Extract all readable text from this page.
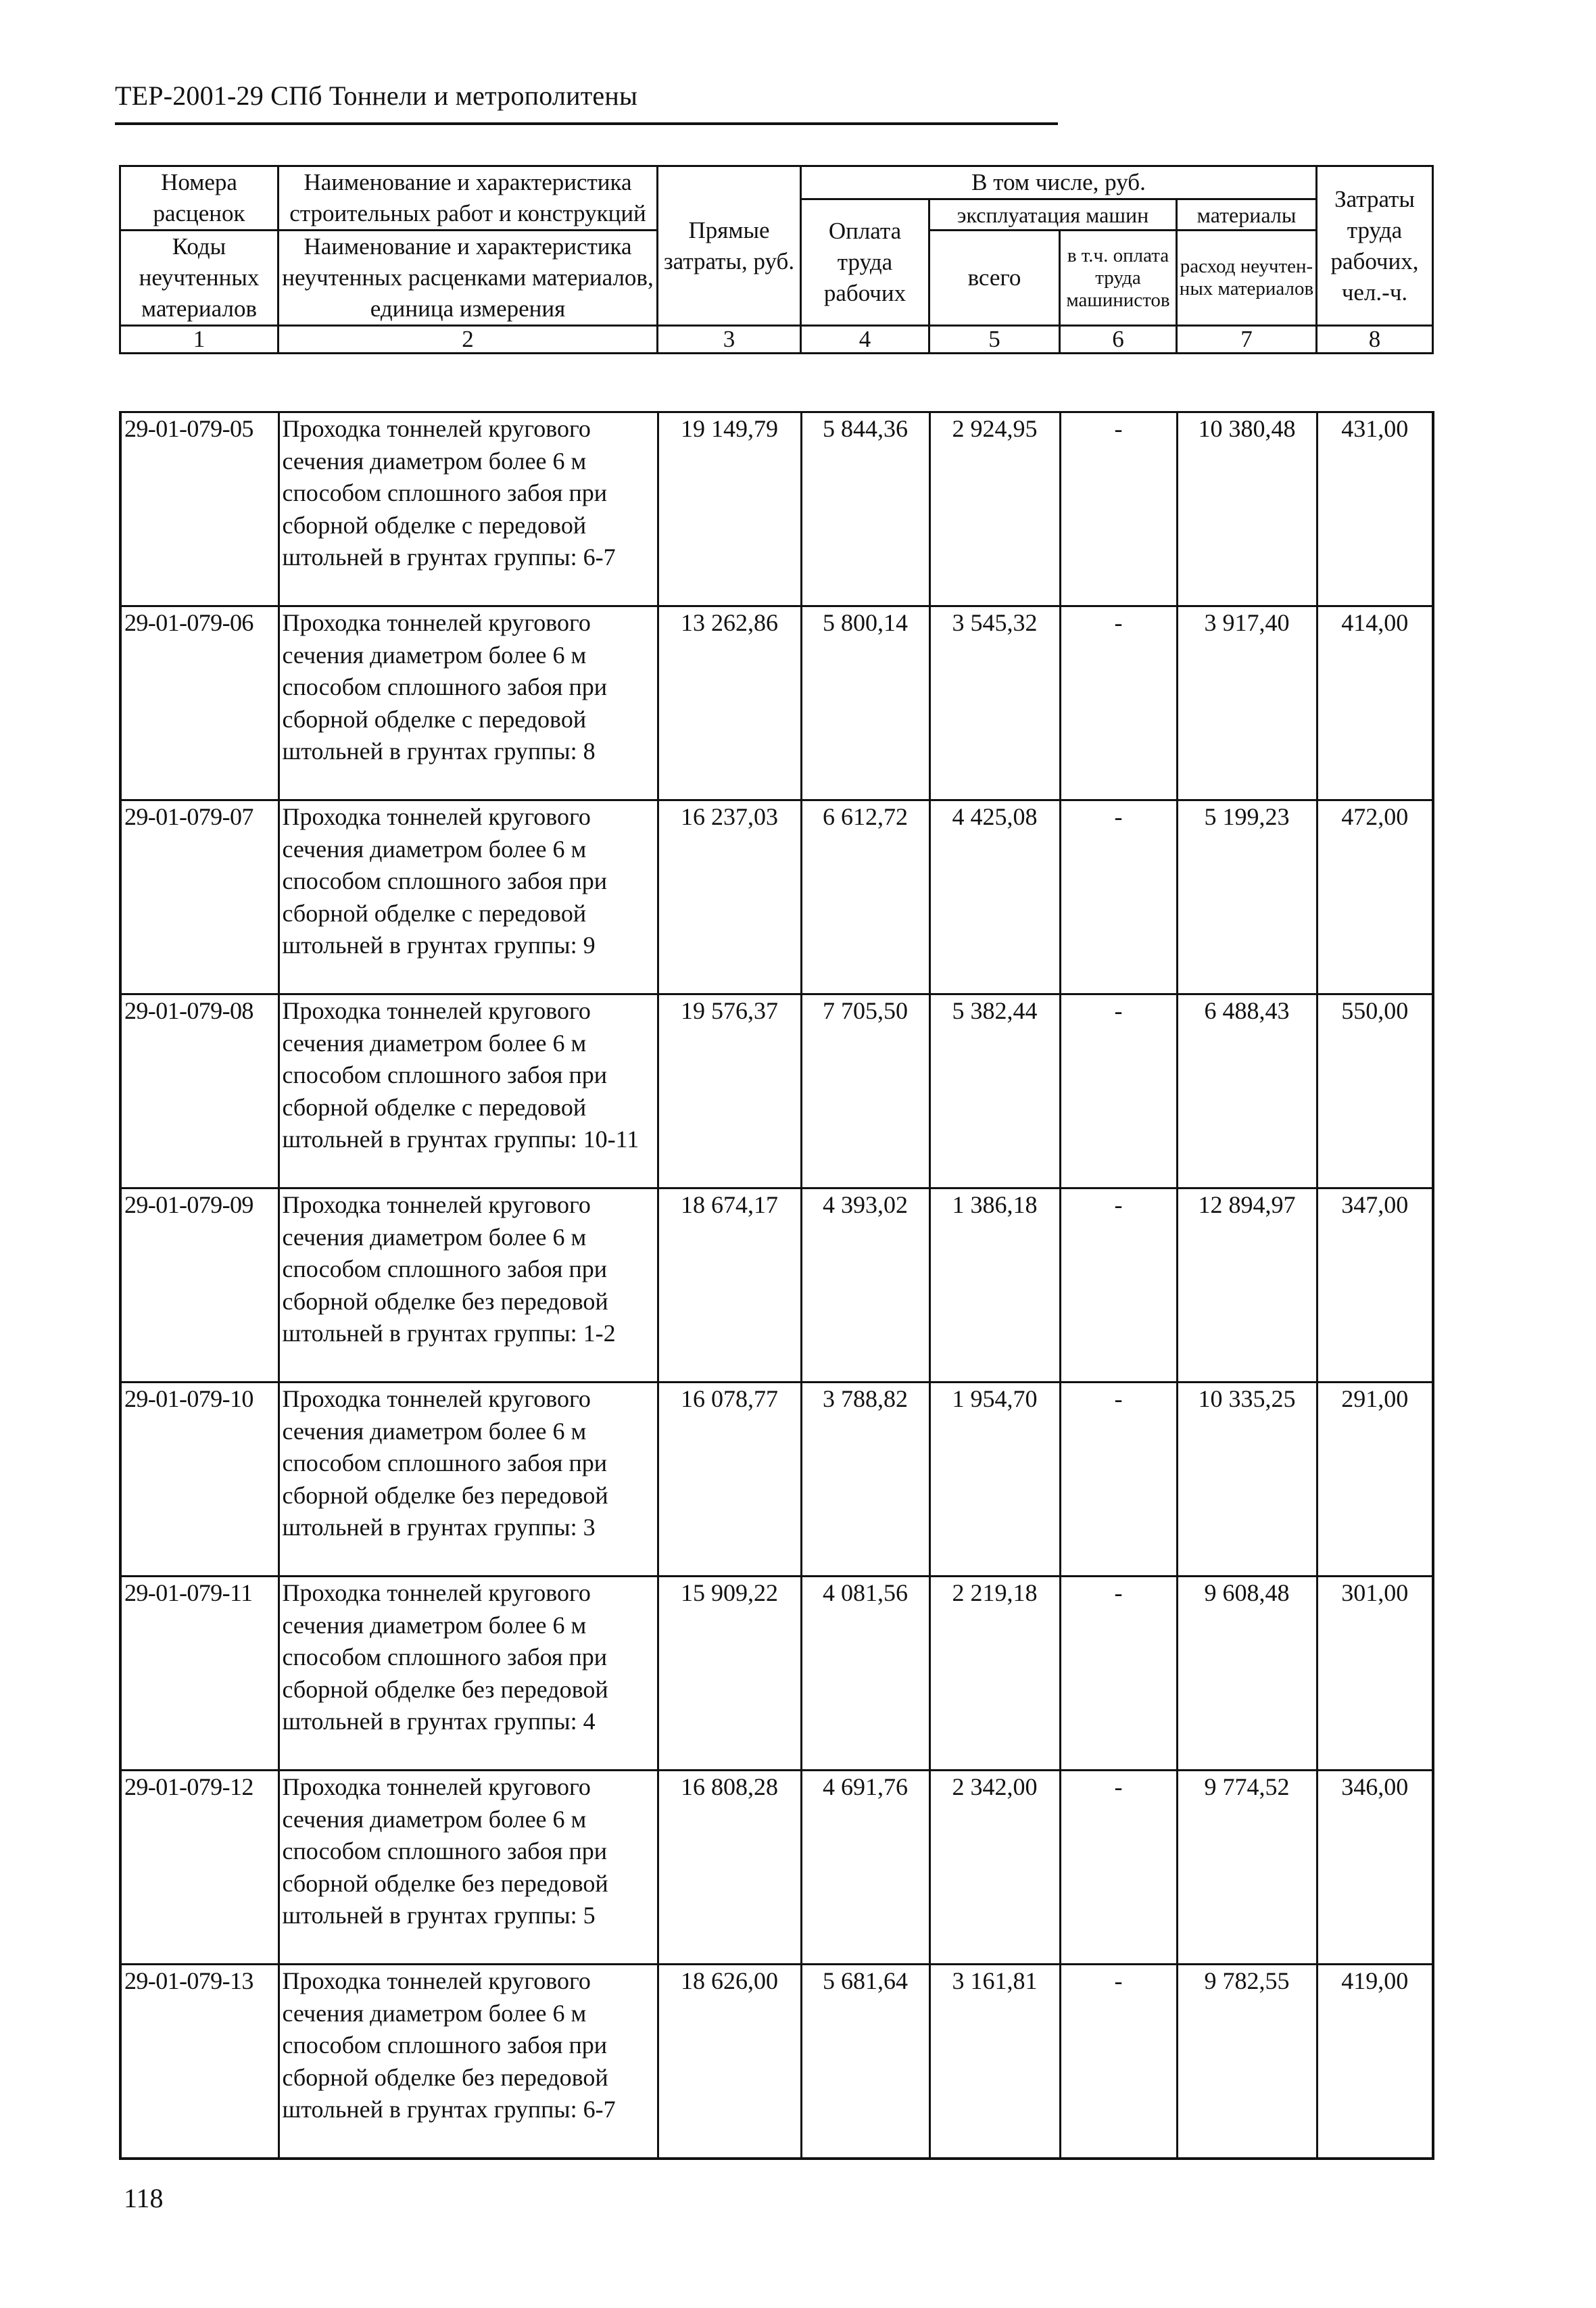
ТЕР-2001-29 СПб Тоннели и метрополитены
Номера расценок	Наименование и характеристика строительных работ и конструкций	Прямые затраты, руб.	В том числе, руб.				Затраты труда рабочих, чел.-ч.
			Оплата труда рабочих	эксплуатация машин		материалы	
Коды неучтенных материалов	Наименование и характеристика неучтенных расценками материалов, единица измерения			всего	в т.ч. оплата труда машинистов	расход неучтен-ных материалов	

1	2	3	4	5	6	7	8
29-01-079-05	Проходка тоннелей кругового сечения диаметром более 6 м способом сплошного забоя при сборной обделке с передовой штольней в грунтах группы: 6-7	19 149,79	5 844,36	2 924,95	-	10 380,48	431,00
29-01-079-06	Проходка тоннелей кругового сечения диаметром более 6 м способом сплошного забоя при сборной обделке с передовой штольней в грунтах группы: 8	13 262,86	5 800,14	3 545,32	-	3 917,40	414,00
29-01-079-07	Проходка тоннелей кругового сечения диаметром более 6 м способом сплошного забоя при сборной обделке с передовой штольней в грунтах группы: 9	16 237,03	6 612,72	4 425,08	-	5 199,23	472,00
29-01-079-08	Проходка тоннелей кругового сечения диаметром более 6 м способом сплошного забоя при сборной обделке с передовой штольней в грунтах группы: 10-11	19 576,37	7 705,50	5 382,44	-	6 488,43	550,00
29-01-079-09	Проходка тоннелей кругового сечения диаметром более 6 м способом сплошного забоя при сборной обделке без передовой штольней в грунтах группы: 1-2	18 674,17	4 393,02	1 386,18	-	12 894,97	347,00
29-01-079-10	Проходка тоннелей кругового сечения диаметром более 6 м способом сплошного забоя при сборной обделке без передовой штольней в грунтах группы: 3	16 078,77	3 788,82	1 954,70	-	10 335,25	291,00
29-01-079-11	Проходка тоннелей кругового сечения диаметром более 6 м способом сплошного забоя при сборной обделке без передовой штольней в грунтах группы: 4	15 909,22	4 081,56	2 219,18	-	9 608,48	301,00
29-01-079-12	Проходка тоннелей кругового сечения диаметром более 6 м способом сплошного забоя при сборной обделке без передовой штольней в грунтах группы: 5	16 808,28	4 691,76	2 342,00	-	9 774,52	346,00
29-01-079-13	Проходка тоннелей кругового сечения диаметром более 6 м способом сплошного забоя при сборной обделке без передовой штольней в грунтах группы: 6-7	18 626,00	5 681,64	3 161,81	-	9 782,55	419,00
118
